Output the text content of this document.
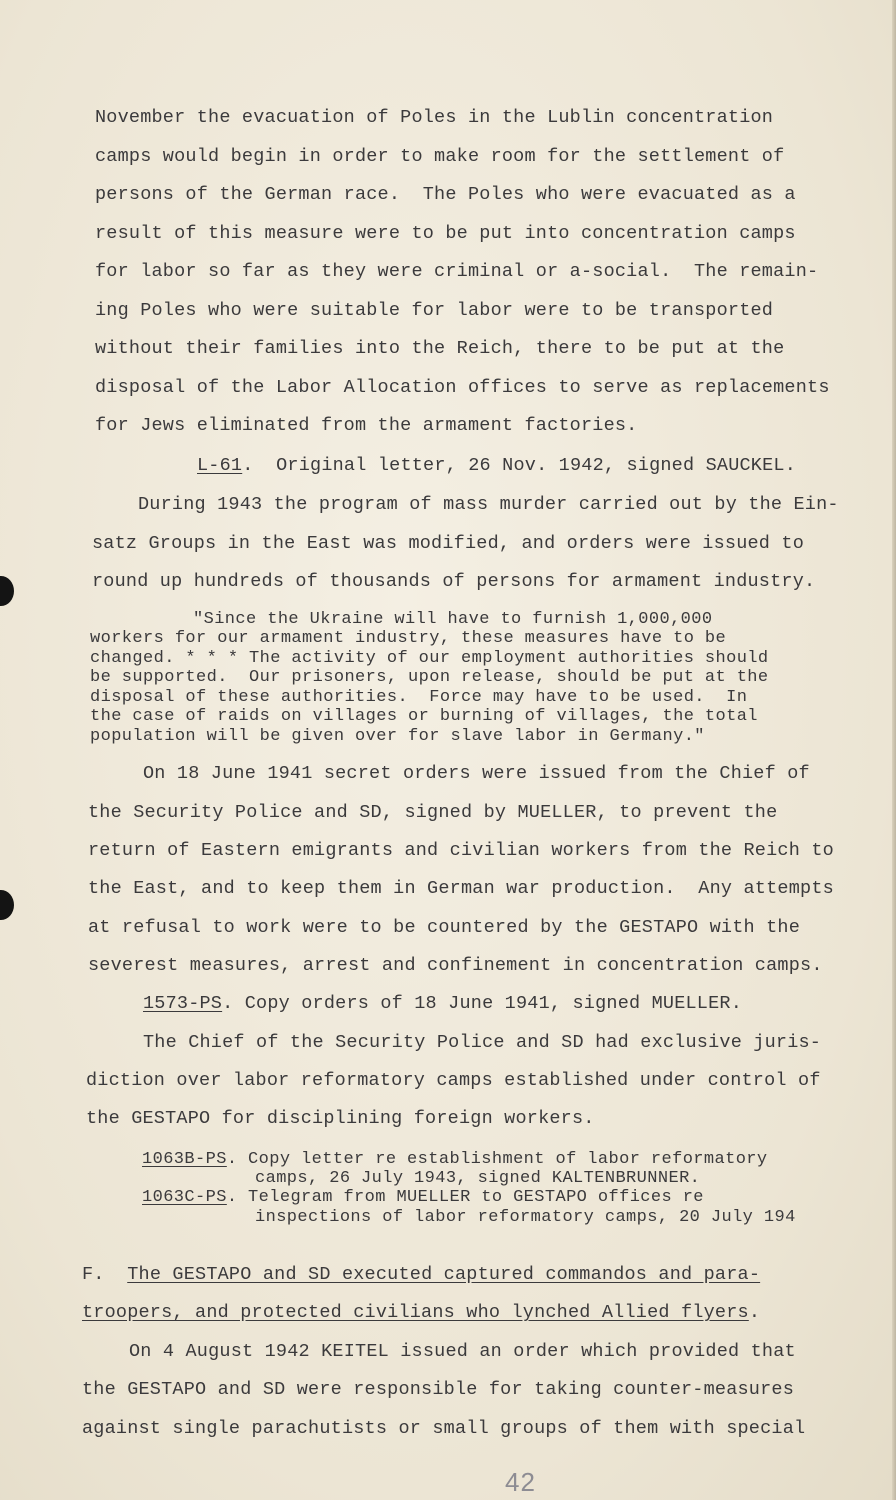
November the evacuation of Poles in the Lublin concentration
camps would begin in order to make room for the settlement of
persons of the German race.  The Poles who were evacuated as a
result of this measure were to be put into concentration camps
for labor so far as they were criminal or a-social.  The remain-
ing Poles who were suitable for labor were to be transported
without their families into the Reich, there to be put at the
disposal of the Labor Allocation offices to serve as replacements
for Jews eliminated from the armament factories.
L-61.  Original letter, 26 Nov. 1942, signed SAUCKEL.
During 1943 the program of mass murder carried out by the Ein-
satz Groups in the East was modified, and orders were issued to
round up hundreds of thousands of persons for armament industry.
"Since the Ukraine will have to furnish 1,000,000
workers for our armament industry, these measures have to be
changed. * * * The activity of our employment authorities should
be supported.  Our prisoners, upon release, should be put at the
disposal of these authorities.  Force may have to be used.  In
the case of raids on villages or burning of villages, the total
population will be given over for slave labor in Germany."
On 18 June 1941 secret orders were issued from the Chief of
the Security Police and SD, signed by MUELLER, to prevent the
return of Eastern emigrants and civilian workers from the Reich to
the East, and to keep them in German war production.  Any attempts
at refusal to work were to be countered by the GESTAPO with the
severest measures, arrest and confinement in concentration camps.
1573-PS. Copy orders of 18 June 1941, signed MUELLER.
The Chief of the Security Police and SD had exclusive juris-
diction over labor reformatory camps established under control of
the GESTAPO for disciplining foreign workers.
1063B-PS. Copy letter re establishment of labor reformatory
camps, 26 July 1943, signed KALTENBRUNNER.
1063C-PS. Telegram from MUELLER to GESTAPO offices re
inspections of labor reformatory camps, 20 July 194
F. The GESTAPO and SD executed captured commandos and para-
troopers, and protected civilians who lynched Allied flyers.
On 4 August 1942 KEITEL issued an order which provided that
the GESTAPO and SD were responsible for taking counter-measures
against single parachutists or small groups of them with special
42
